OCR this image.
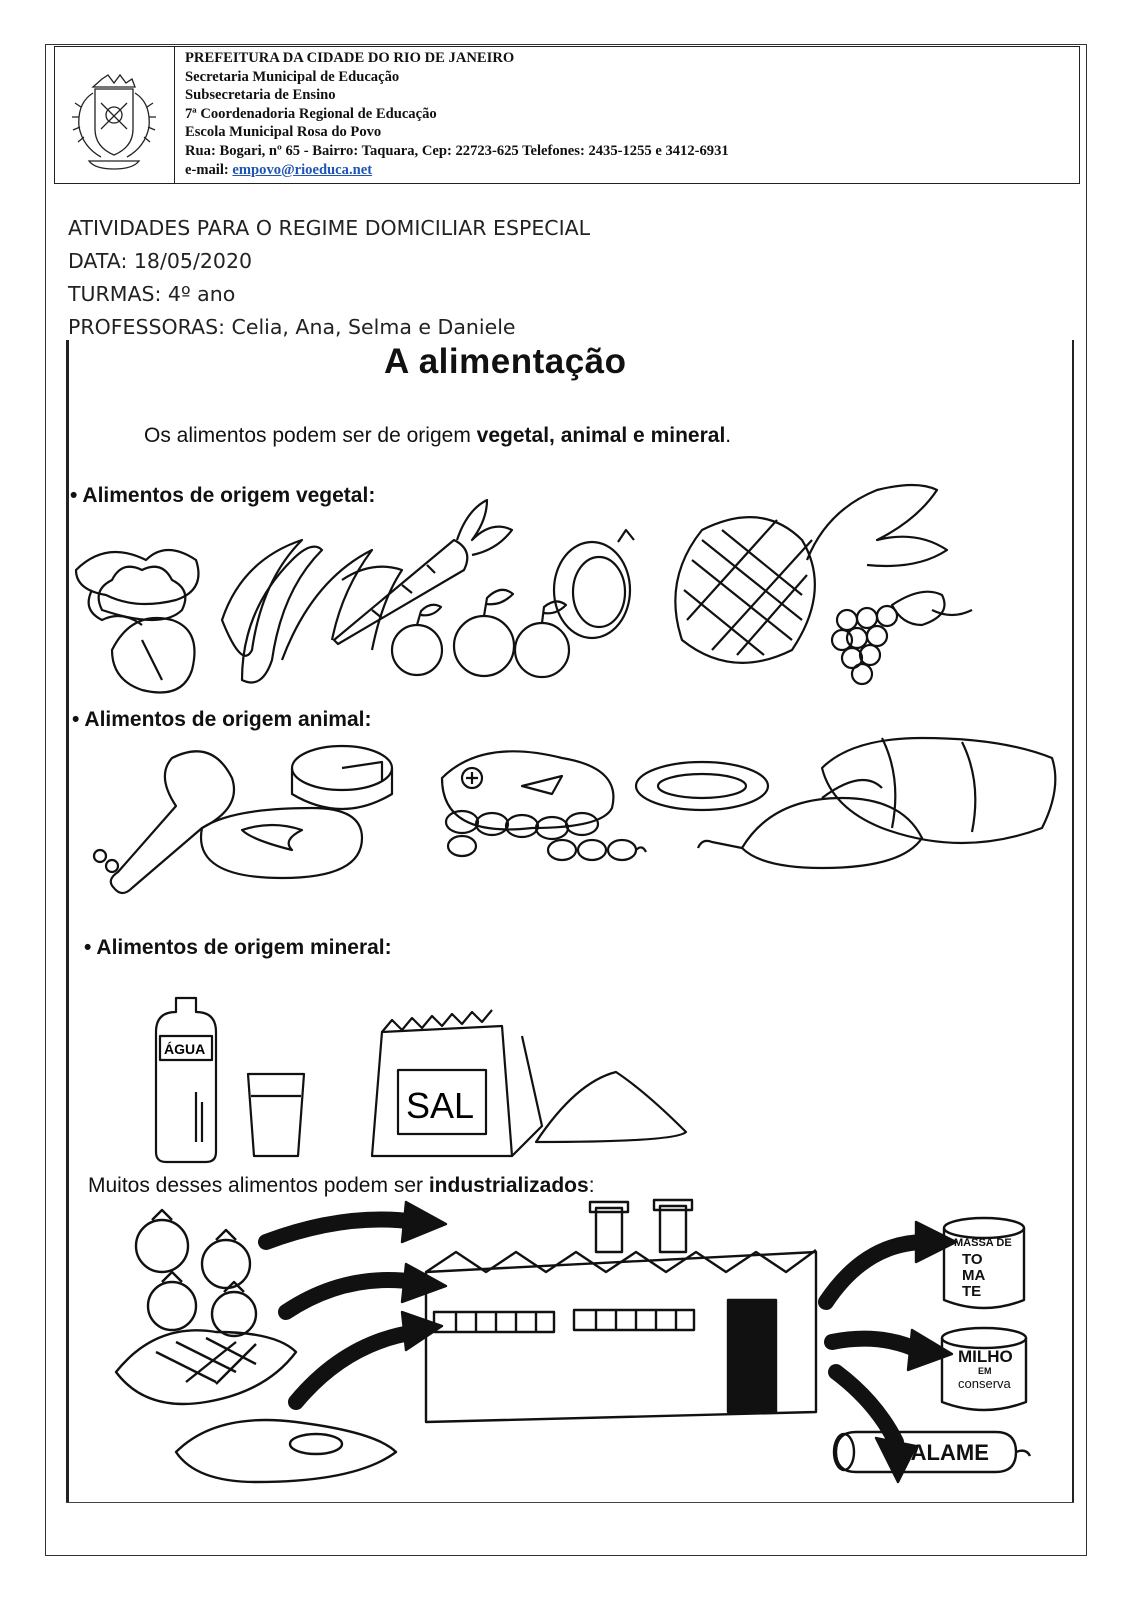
PREFEITURA DA CIDADE DO RIO DE JANEIRO
Secretaria Municipal de Educação
Subsecretaria de Ensino
7ª Coordenadoria Regional de Educação
Escola Municipal Rosa do Povo
Rua: Bogari, nº 65 - Bairro: Taquara, Cep: 22723-625 Telefones: 2435-1255 e 3412-6931
e-mail: empovo@rioeduca.net
ATIVIDADES PARA O REGIME DOMICILIAR ESPECIAL
DATA: 18/05/2020
TURMAS: 4º ano
PROFESSORAS: Celia, Ana, Selma e Daniele
A alimentação
Os alimentos podem ser de origem vegetal, animal e mineral.
• Alimentos de origem vegetal:
• Alimentos de origem animal:
• Alimentos de origem mineral:
ÁGUA
SAL
Muitos desses alimentos podem ser industrializados:
MASSA DE
TO
MA
TE
MILHO
EM
conserva
SALAME
